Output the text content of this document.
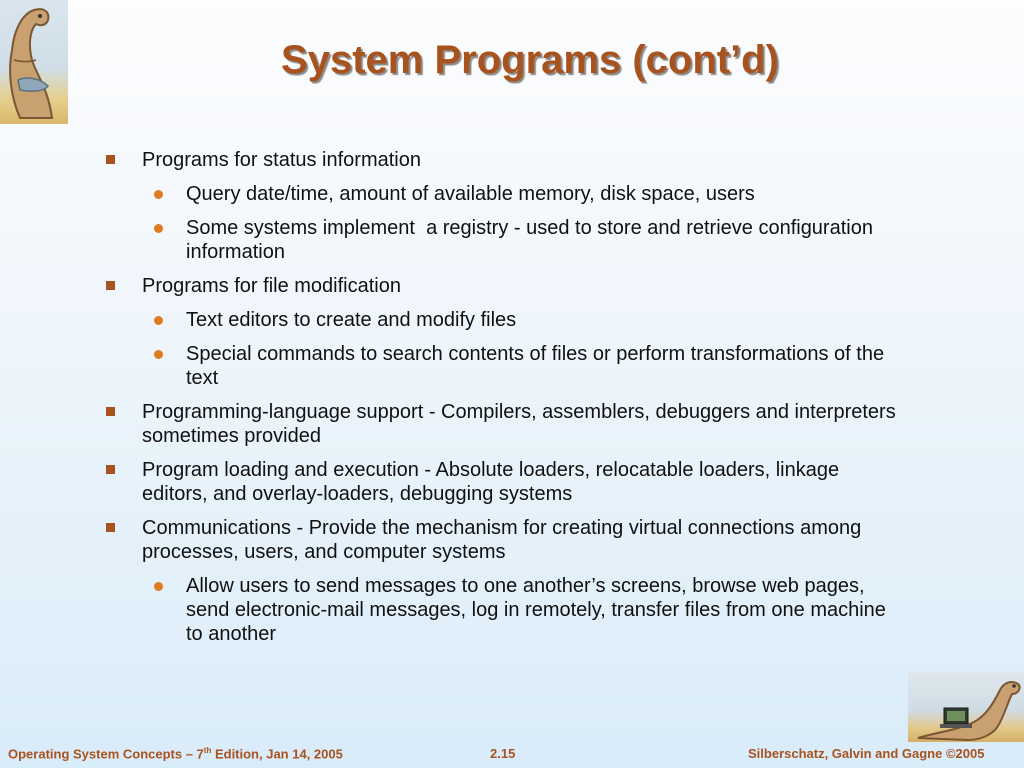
System Programs (cont’d)
Programs for status information
Query date/time, amount of available memory, disk space, users
Some systems implement  a registry - used to store and retrieve configuration information
Programs for file modification
Text editors to create and modify files
Special commands to search contents of files or perform transformations of the text
Programming-language support - Compilers, assemblers, debuggers and interpreters sometimes provided
Program loading and execution - Absolute loaders, relocatable loaders, linkage editors, and overlay-loaders, debugging systems
Communications - Provide the mechanism for creating virtual connections among processes, users, and computer systems
Allow users to send messages to one another’s screens, browse web pages, send electronic-mail messages, log in remotely, transfer files from one machine to another
Operating System Concepts – 7th Edition, Jan 14, 2005	2.15	Silberschatz, Galvin and Gagne ©2005
